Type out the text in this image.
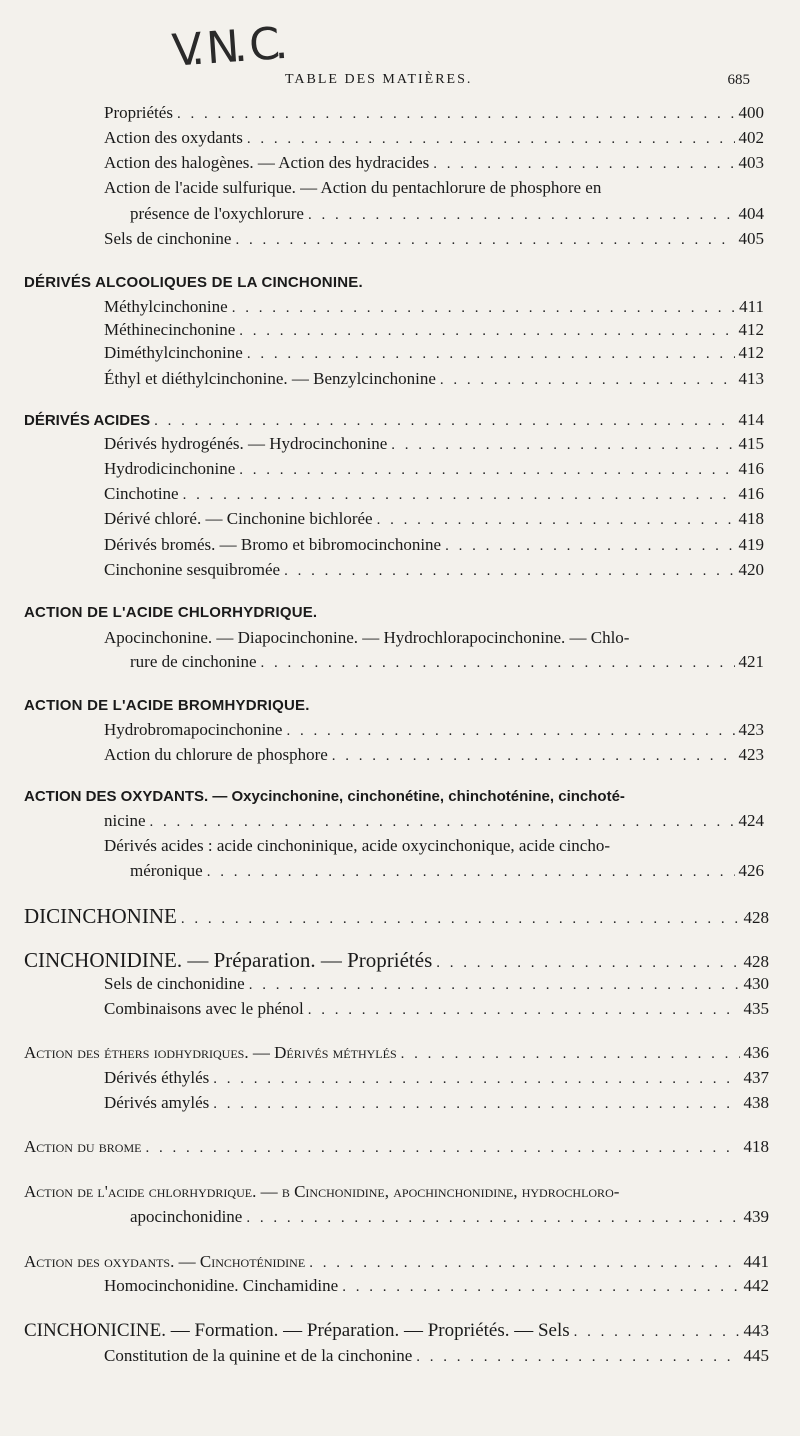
V. N. C.
TABLE DES MATIÈRES.	685
Propriétés . . .	400
Action des oxydants . . .	402
Action des halogènes. — Action des hydracides . . .	403
Action de l'acide sulfurique. — Action du pentachlorure de phosphore en
présence de l'oxychlorure . . .	404
Sels de cinchonine . . .	405
DÉRIVÉS ALCOOLIQUES DE LA CINCHONINE.
Méthylcinchonine . . .	411
Méthinecinchonine . . .	412
Diméthylcinchonine . . .	412
Éthyl et diéthylcinchonine. — Benzylcinchonine . . .	413
DÉRIVÉS ACIDES . . .	414
Dérivés hydrogénés. — Hydrocinchonine . . .	415
Hydrodicinchonine . . .	416
Cinchotine . . .	416
Dérivé chloré. — Cinchonine bichlorée . . .	418
Dérivés bromés. — Bromo et bibromocinchonine . . .	419
Cinchonine sesquibromée . . .	420
ACTION DE L'ACIDE CHLORHYDRIQUE.
Apocinchonine. — Diapocinchonine. — Hydrochlorapocinchonine. — Chlo-
rure de cinchonine . . .	421
ACTION DE L'ACIDE BROMHYDRIQUE.
Hydrobromapocinchonine . . .	423
Action du chlorure de phosphore . . .	423
ACTION DES OXYDANTS. — Oxycinchonine, cinchonétine, chinchoténine, cinchoté-
nicine . . .	424
Dérivés acides : acide cinchoninique, acide oxycinchonique, acide cincho-
méronique . . .	426
DICINCHONINE . . .	428
CINCHONIDINE. — Préparation. — Propriétés . . .	428
Sels de cinchonidine . . .	430
Combinaisons avec le phénol . . .	435
Action des éthers iodhydriques. — Dérivés méthylés . . .	436
Dérivés éthylés . . .	437
Dérivés amylés . . .	438
Action du brome . . .	418
Action de l'acide chlorhydrique. — β Cinchonidine, apochinchonidine, hydrochloro-
apocinchonidine . . .	439
Action des oxydants. — Cinchoténidine . . .	441
Homocinchonidine. Cinchamidine . . .	442
CINCHONICINE. — Formation. — Préparation. — Propriétés. — Sels . . .	443
Constitution de la quinine et de la cinchonine . . .	445
